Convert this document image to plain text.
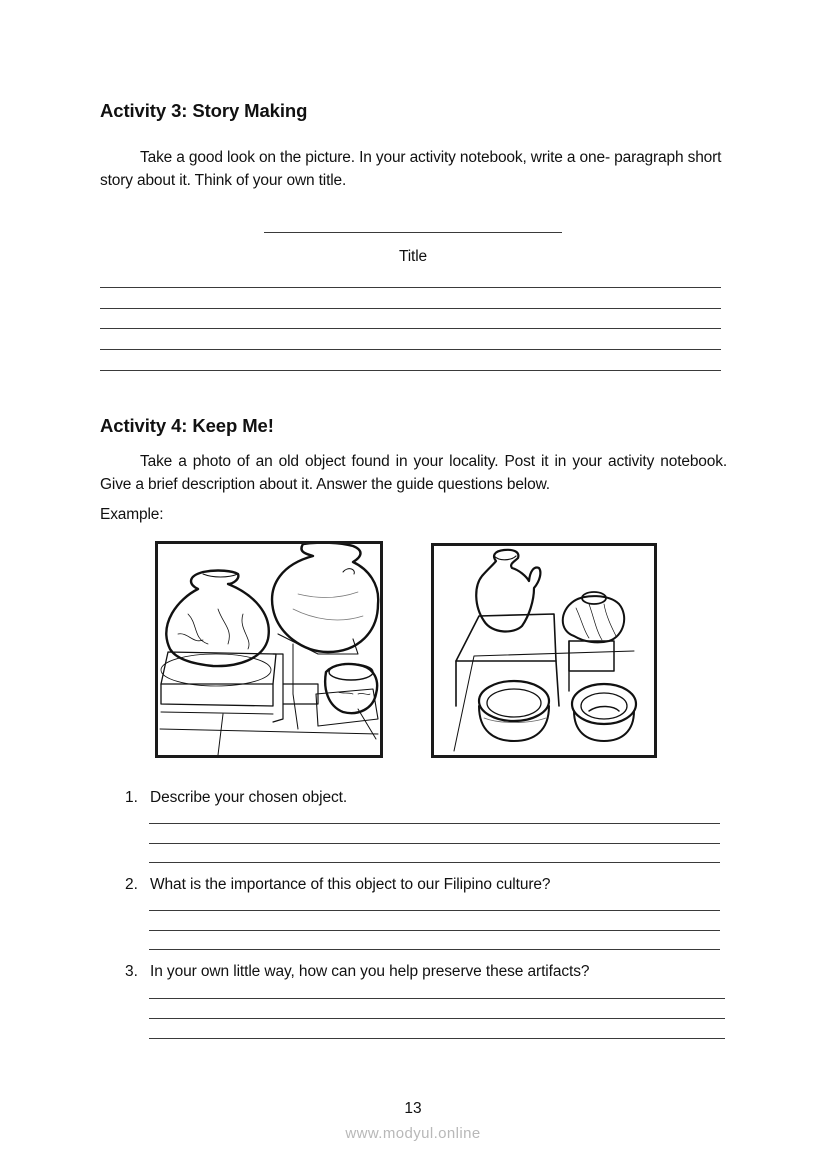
Activity 3: Story Making
Take a good look on the picture. In your activity notebook, write a one- paragraph short story about it. Think of your own title.
Title
Activity 4: Keep Me!
Take a photo of an old object found in your locality. Post it in your activity notebook. Give a brief description about it. Answer the guide questions below.
Example:
1. Describe your chosen object.
2. What is the importance of this object to our Filipino culture?
3. In your own little way, how can you help preserve these artifacts?
13
www.modyul.online
